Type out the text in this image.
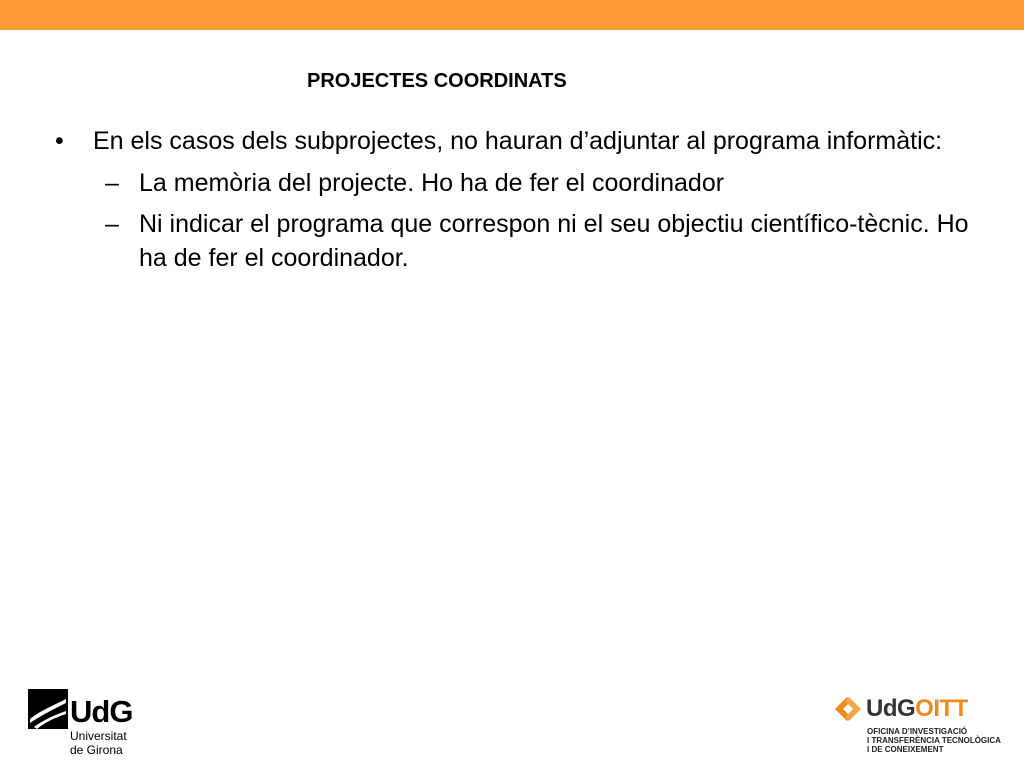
PROJECTES COORDINATS
• En els casos dels subprojectes, no hauran d’adjuntar al programa informàtic:
– La memòria del projecte. Ho ha de fer el coordinador
– Ni indicar el programa que correspon ni el seu objectiu científico-tècnic. Ho ha de fer el coordinador.
UdG
Universitat
de Girona
UdGOITT
OFICINA D’INVESTIGACIÓ
I TRANSFERÈNCIA TECNOLÒGICA
I DE CONEIXEMENT
